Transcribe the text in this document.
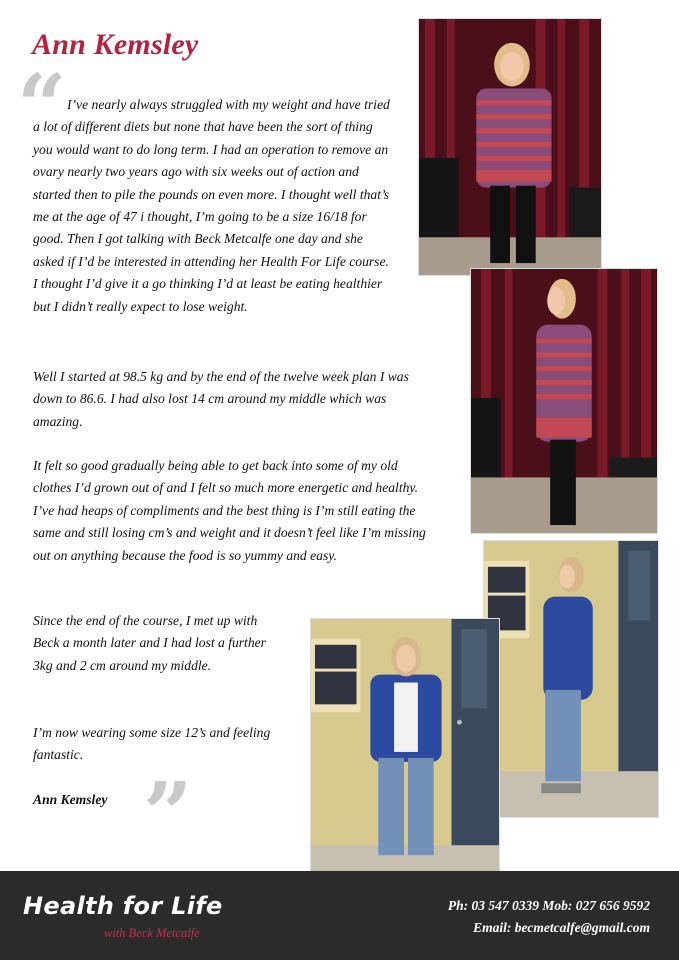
Ann Kemsley
“ I’ve nearly always struggled with my weight and have tried a lot of different diets but none that have been the sort of thing you would want to do long term. I had an operation to remove an ovary nearly two years ago with six weeks out of action and started then to pile the pounds on even more. I thought well that’s me at the age of 47 i thought, I’m going to be a size 16/18 for good. Then I got talking with Beck Metcalfe one day and she asked if I’d be interested in attending her Health For Life course. I thought I’d give it a go thinking I’d at least be eating healthier but I didn’t really expect to lose weight.

Well I started at 98.5 kg and by the end of the twelve week plan I was down to 86.6. I had also lost 14 cm around my middle which was amazing.

It felt so good gradually being able to get back into some of my old clothes I’d grown out of and I felt so much more energetic and healthy. I’ve had heaps of compliments and the best thing is I’m still eating the same and still losing cm’s and weight and it doesn’t feel like I’m missing out on anything because the food is so yummy and easy.

Since the end of the course, I met up with Beck a month later and I had lost a further 3kg and 2 cm around my middle.

I’m now wearing some size 12’s and feeling fantastic.

Ann Kemsley ”
Health for Life
with Beck Metcalfe
Ph: 03 547 0339 Mob: 027 656 9592
Email: becmetcalfe@gmail.com
